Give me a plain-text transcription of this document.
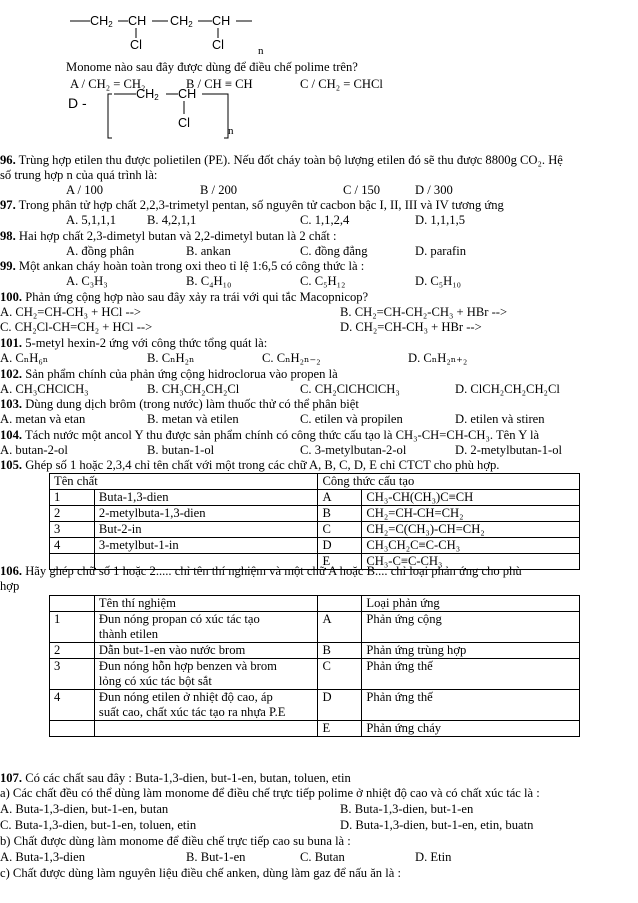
$CH_2$ CH $CH_2$ CH
Cl	Cl	n
Monome nào sau đây được dùng để điều chế polime trên?
A / CH₂ = CH₂	B / CH ≡ CH	C / CH₂ = CHCl
D -
$CH_2$ CH
Cl
n
96. Trùng hợp etilen thu được polietilen (PE). Nếu đốt cháy toàn bộ lượng etilen đó sẽ thu được 8800g CO₂. Hệ
số trung hợp n của quá trình là:
A / 100	B / 200	C / 150	D / 300
97. Trong phân tử hợp chất 2,2,3-trimetyl pentan, số nguyên tử cacbon bậc I, II, III và IV tương ứng
A. 5,1,1,1 B. 4,2,1,1	C. 1,1,2,4	D. 1,1,1,5
98. Hai hợp chất 2,3-dimetyl butan và 2,2-dimetyl butan là 2 chất :
A. đồng phân	B. ankan	C. đồng đẳng	D. parafin
99. Một ankan cháy hoàn toàn trong oxi theo tỉ lệ 1:6,5 có công thức là :
A. C₃H₃	B. C₄H₁₀	C. C₅H₁₂	D. C₅H₁₀
100. Phản ứng cộng hợp nào sau đây xảy ra trái với qui tắc Macopnicop?
A. CH₂=CH-CH₃ + HCl -->	B. CH₂=CH-CH₂-CH₃ + HBr -->
C. CH₂Cl-CH=CH₂ + HCl -->	D. CH₂=CH-CH₃ + HBr -->
101. 5-metyl hexin-2 ứng với công thức tổng quát là:
A. CₙH₆ₙ	B. CₙH₂ₙ	C. CₙH₂ₙ₋₂	D. CₙH₂ₙ₊₂
102. Sản phẩm chính của phản ứng cộng hidroclorua vào propen là
A. CH₃CHClCH₃	B. CH₃CH₂CH₂Cl	C. CH₂ClCHClCH₃	D. ClCH₂CH₂CH₂Cl
103. Dùng dung dịch brôm (trong nước) làm thuốc thử có thể phân biệt
A. metan và etan	B. metan và etilen	C. etilen và propilen	D. etilen và stiren
104. Tách nước một ancol Y thu được sản phẩm chính có công thức cấu tạo là CH₃-CH=CH-CH₃. Tên Y là
A. butan-2-ol	B. butan-1-ol	C. 3-metylbutan-2-ol	D. 2-metylbutan-1-ol
105. Ghép số 1 hoặc 2,3,4 chỉ tên chất với một trong các chữ A, B, C, D, E chỉ CTCT cho phù hợp.
Tên chất		Công thức cấu tạo	
1	Buta-1,3-dien	A	CH₃-CH(CH₃)C≡CH
2	2-metylbuta-1,3-dien	B	CH₂=CH-CH=CH₂
3	But-2-in	C	CH₂=C(CH₃)-CH=CH₂
4	3-metylbut-1-in	D	CH₃CH₂C≡C-CH₃
		E	CH₃-C≡C-CH₃
106. Hãy ghép chữ số 1 hoặc 2..... chỉ tên thí nghiệm và một chữ A hoặc B.... chỉ loại phản ứng cho phù
hợp
	Tên thí nghiệm		Loại phản ứng
1	Đun nóng propan có xúc tác tạo
thành etilen	A	Phản ứng cộng
2	Dẫn but-1-en vào nước brom	B	Phản ứng trùng hợp
3	Đun nóng hỗn hợp benzen và brom
lỏng có xúc tác bột sắt	C	Phản ứng thế
4	Đun nóng etilen ở nhiệt độ cao, áp
suất cao, chất xúc tác tạo ra nhựa P.E	D	Phản ứng thế
		E	Phản ứng cháy
107. Có các chất sau đây : Buta-1,3-dien, but-1-en, butan, toluen, etin
a) Các chất đều có thể dùng làm monome để điều chế trực tiếp polime ở nhiệt độ cao và có chất xúc tác là :
A. Buta-1,3-dien, but-1-en, butan	B. Buta-1,3-dien, but-1-en
C. Buta-1,3-dien, but-1-en, toluen, etin	D. Buta-1,3-dien, but-1-en, etin, buatn
b) Chất được dùng làm monome để điều chế trực tiếp cao su buna là :
A. Buta-1,3-dien	B. But-1-en	C. Butan	D. Etin
c) Chất được dùng làm nguyên liệu điều chế anken, dùng làm gaz để nấu ăn là :
